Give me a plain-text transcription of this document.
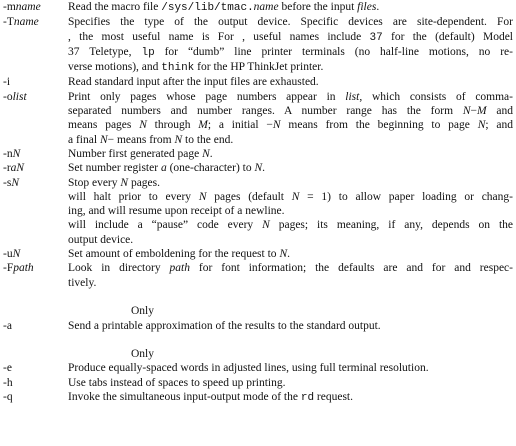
-mname	Read the macro file /sys/lib/tmac.name before the input files.
-Tname	Specifies the type of the output device. Specific devices are site-dependent. For
, the most useful name is For , useful names include 37 for the (default) Model
37 Teletype, lp for “dumb” line printer terminals (no half-line motions, no re-
verse motions), and think for the HP ThinkJet printer.
-i	Read standard input after the input files are exhausted.
-olist	Print only pages whose page numbers appear in list, which consists of comma-
separated numbers and number ranges. A number range has the form N−M and
means pages N through M; a initial −N means from the beginning to page N; and
a final N− means from N to the end.
-nN	Number first generated page N.
-raN	Set number register a (one-character) to N.
-sN	Stop every N pages.
will halt prior to every N pages (default N = 1) to allow paper loading or chang-
ing, and will resume upon receipt of a newline.
will include a “pause” code every N pages; its meaning, if any, depends on the
output device.
-uN	Set amount of emboldening for the request to N.
-Fpath	Look in directory path for font information; the defaults are and for and respec-
tively.
Only
-a	Send a printable approximation of the results to the standard output.
Only
-e	Produce equally-spaced words in adjusted lines, using full terminal resolution.
-h	Use tabs instead of spaces to speed up printing.
-q	Invoke the simultaneous input-output mode of the rd request.
